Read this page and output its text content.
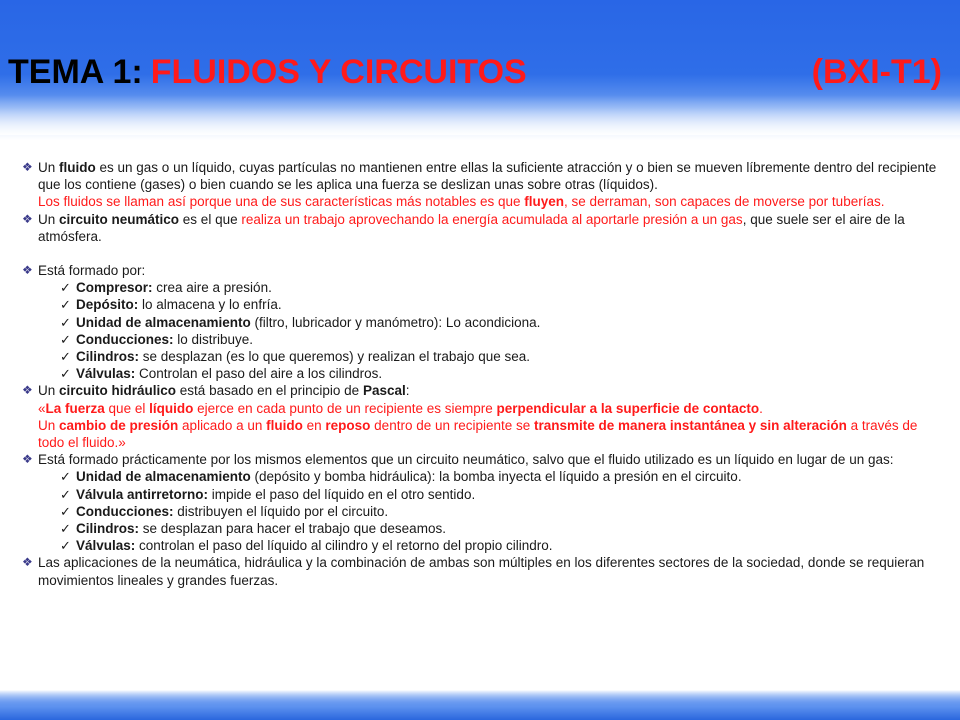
TEMA 1: FLUIDOS Y CIRCUITOS	(BXI-T1)
❖ Un fluido es un gas o un líquido, cuyas partículas no mantienen entre ellas la suficiente atracción y o bien se mueven líbremente dentro del recipiente que los contiene (gases) o bien cuando se les aplica una fuerza se deslizan unas sobre otras (líquidos).
Los fluidos se llaman así porque una de sus características más notables es que fluyen, se derraman, son capaces de moverse por tuberías.
❖ Un circuito neumático es el que realiza un trabajo aprovechando la energía acumulada al aportarle presión a un gas, que suele ser el aire de la atmósfera.
❖ Está formado por:
✓ Compresor: crea aire a presión.
✓ Depósito: lo almacena y lo enfría.
✓ Unidad de almacenamiento (filtro, lubricador y manómetro): Lo acondiciona.
✓ Conducciones: lo distribuye.
✓ Cilindros: se desplazan (es lo que queremos) y realizan el trabajo que sea.
✓ Válvulas: Controlan el paso del aire a los cilindros.
❖ Un circuito hidráulico está basado en el principio de Pascal:
«La fuerza que el líquido ejerce en cada punto de un recipiente es siempre perpendicular a la superficie de contacto.
Un cambio de presión aplicado a un fluido en reposo dentro de un recipiente se transmite de manera instantánea y sin alteración a través de todo el fluido.»
❖ Está formado prácticamente por los mismos elementos que un circuito neumático, salvo que el fluido utilizado es un líquido en lugar de un gas:
✓ Unidad de almacenamiento (depósito y bomba hidráulica): la bomba inyecta el líquido a presión en el circuito.
✓ Válvula antirretorno: impide el paso del líquido en el otro sentido.
✓ Conducciones: distribuyen el líquido por el circuito.
✓ Cilindros: se desplazan para hacer el trabajo que deseamos.
✓ Válvulas: controlan el paso del líquido al cilindro y el retorno del propio cilindro.
❖ Las aplicaciones de la neumática, hidráulica y la combinación de ambas son múltiples en los diferentes sectores de la sociedad, donde se requieran movimientos lineales y grandes fuerzas.
